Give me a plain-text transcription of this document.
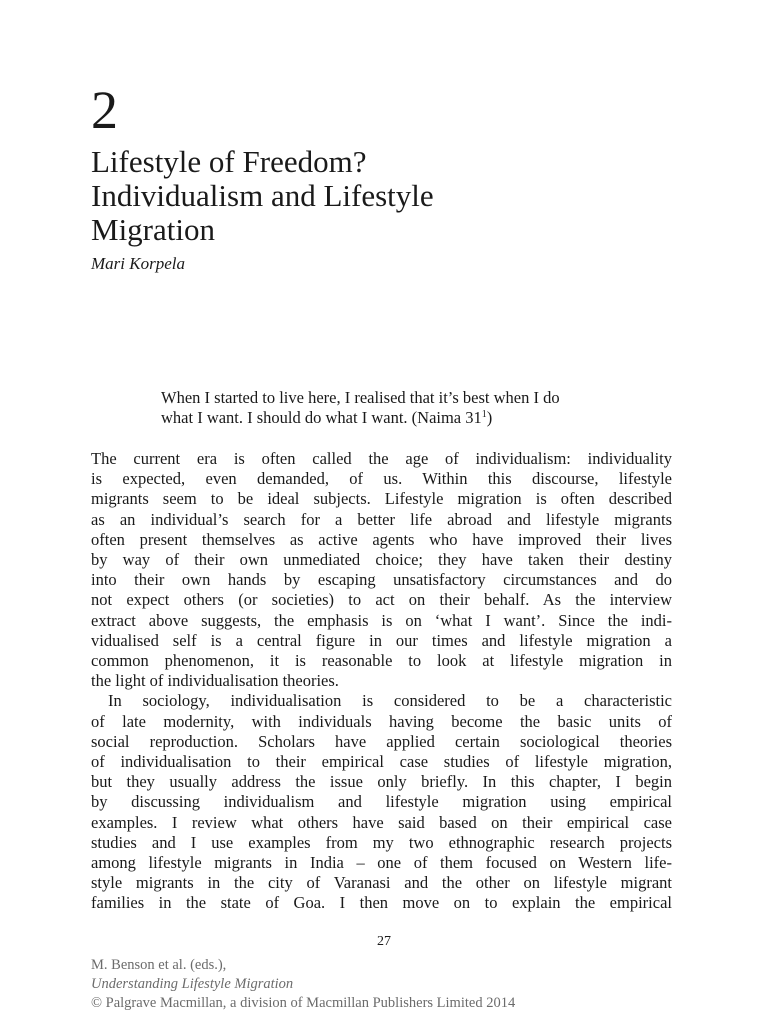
2
Lifestyle of Freedom?
Individualism and Lifestyle
Migration
Mari Korpela
When I started to live here, I realised that it’s best when I do
what I want. I should do what I want. (Naima $31^1$)
The current era is often called the age of individualism: individuality
is expected, even demanded, of us. Within this discourse, lifestyle
migrants seem to be ideal subjects. Lifestyle migration is often described
as an individual’s search for a better life abroad and lifestyle migrants
often present themselves as active agents who have improved their lives
by way of their own unmediated choice; they have taken their destiny
into their own hands by escaping unsatisfactory circumstances and do
not expect others (or societies) to act on their behalf. As the interview
extract above suggests, the emphasis is on ‘what I want’. Since the indi-
vidualised self is a central figure in our times and lifestyle migration a
common phenomenon, it is reasonable to look at lifestyle migration in
the light of individualisation theories.
In sociology, individualisation is considered to be a characteristic
of late modernity, with individuals having become the basic units of
social reproduction. Scholars have applied certain sociological theories
of individualisation to their empirical case studies of lifestyle migration,
but they usually address the issue only briefly. In this chapter, I begin
by discussing individualism and lifestyle migration using empirical
examples. I review what others have said based on their empirical case
studies and I use examples from my two ethnographic research projects
among lifestyle migrants in India – one of them focused on Western life-
style migrants in the city of Varanasi and the other on lifestyle migrant
families in the state of Goa. I then move on to explain the empirical
27
M. Benson et al. (eds.),
Understanding Lifestyle Migration
© Palgrave Macmillan, a division of Macmillan Publishers Limited 2014
